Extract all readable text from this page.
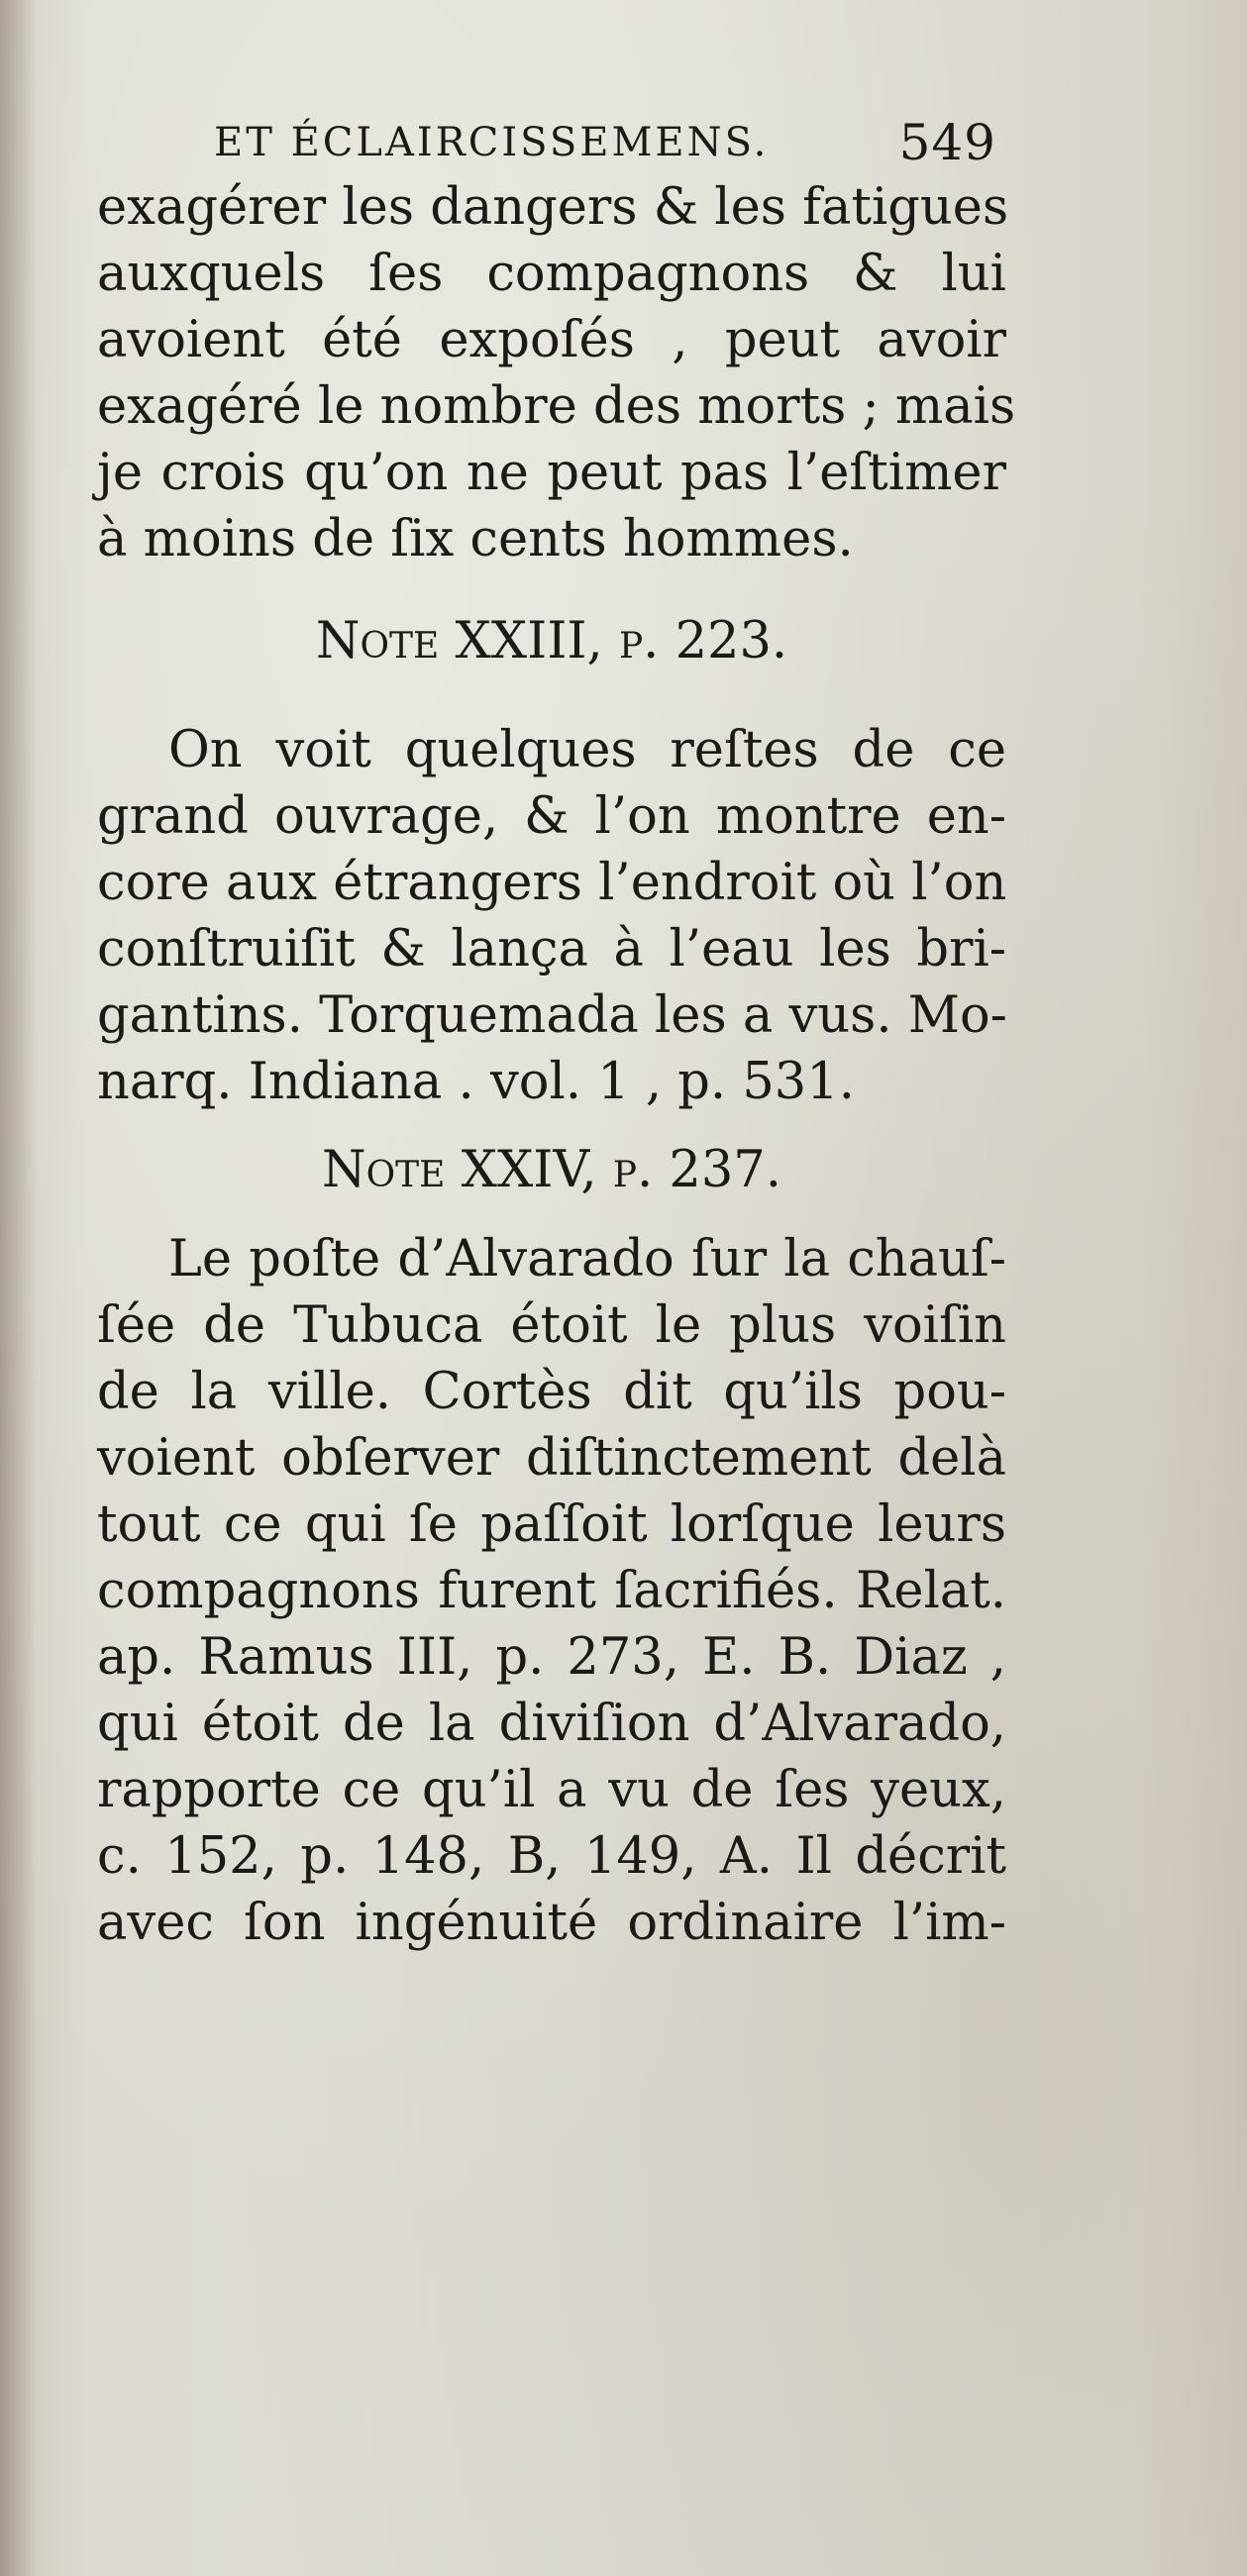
ET ÉCLAIRCISSEMENS.	549
exagérer les dangers & les fatigues
auxquels ſes compagnons & lui
avoient été expoſés , peut avoir
exagéré le nombre des morts ; mais
je crois qu’on ne peut pas l’eſtimer
à moins de ſix cents hommes.
Note XXIII, p. 223.
On voit quelques reſtes de ce
grand ouvrage, & l’on montre en-
core aux étrangers l’endroit où l’on
conſtruiſit & lança à l’eau les bri-
gantins. Torquemada les a vus. Mo-
narq. Indiana . vol. 1 , p. 531.
Note XXIV, p. 237.
Le poſte d’Alvarado ſur la chauſ-
ſée de Tubuca étoit le plus voiſin
de la ville. Cortès dit qu’ils pou-
voient obſerver diſtinctement delà
tout ce qui ſe paſſoit lorſque leurs
compagnons furent ſacrifiés. Relat.
ap. Ramus III, p. 273, E. B. Diaz ,
qui étoit de la diviſion d’Alvarado,
rapporte ce qu’il a vu de ſes yeux,
c. 152, p. 148, B, 149, A. Il décrit
avec ſon ingénuité ordinaire l’im-
